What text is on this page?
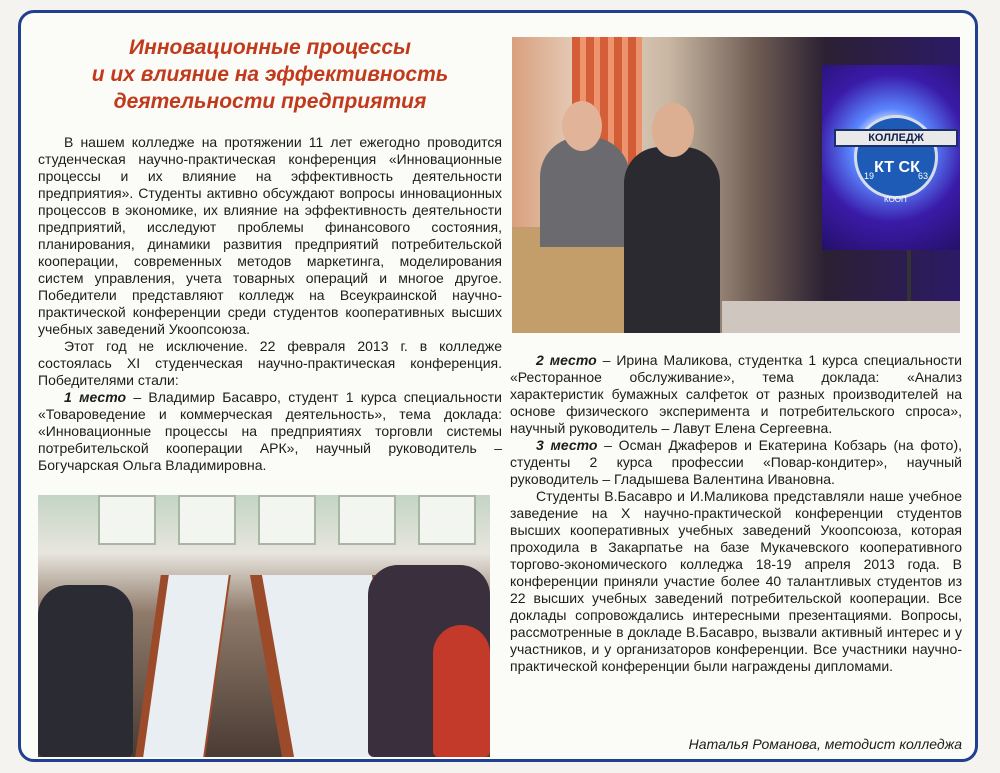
Инновационные процессы
и их влияние на эффективность
деятельности предприятия

В нашем колледже на протяжении 11 лет ежегодно проводится студенческая научно-практическая конференция «Инновационные процессы и их влияние на эффективность деятельности предприятия». Студенты активно обсуждают вопросы инновационных процессов в экономике, их влияние на эффективность деятельности предприятий, исследуют проблемы финансового состояния, планирования, динамики развития предприятий потребительской кооперации, современных методов маркетинга, моделирования систем управления, учета товарных операций и многое другое. Победители представляют колледж на Всеукраинской научно-практической конференции среди студентов кооперативных высших учебных заведений Укоопсоюза.

Этот год не исключение. 22 февраля 2013 г. в колледже состоялась XI студенческая научно-практическая конференция. Победителями стали:

1 место – Владимир Басавро, студент 1 курса специальности «Товароведение и коммерческая деятельность», тема доклада: «Инновационные процессы на предприятиях торговли системы потребительской кооперации АРК», научный руководитель – Богучарская Ольга Владимировна.

2 место – Ирина Маликова, студентка 1 курса специальности «Ресторанное обслуживание», тема доклада: «Анализ характеристик бумажных салфеток от разных производителей на основе физического эксперимента и потребительского спроса», научный руководитель – Лавут Елена Сергеевна.

3 место – Осман Джаферов и Екатерина Кобзарь (на фото), студенты 2 курса профессии «Повар-кондитер», научный руководитель – Гладышева Валентина Ивановна.

Студенты В.Басавро и И.Маликова представляли наше учебное заведение на Х научно-практической конференции студентов высших кооперативных учебных заведений Укоопсоюза, которая проходила в Закарпатье на базе Мукачевского кооперативного торгово-экономического колледжа 18-19 апреля 2013 года. В конференции приняли участие более 40 талантливых студентов из 22 высших учебных заведений потребительской кооперации. Все доклады сопровождались интересными презентациями. Вопросы, рассмотренные в докладе В.Басавро, вызвали активный интерес и у участников, и у организаторов конференции. Все участники научно-практической конференции были награждены дипломами.

Наталья Романова, методист колледжа
КОЛЛЕДЖ
КТ СК
19	63
КООП
